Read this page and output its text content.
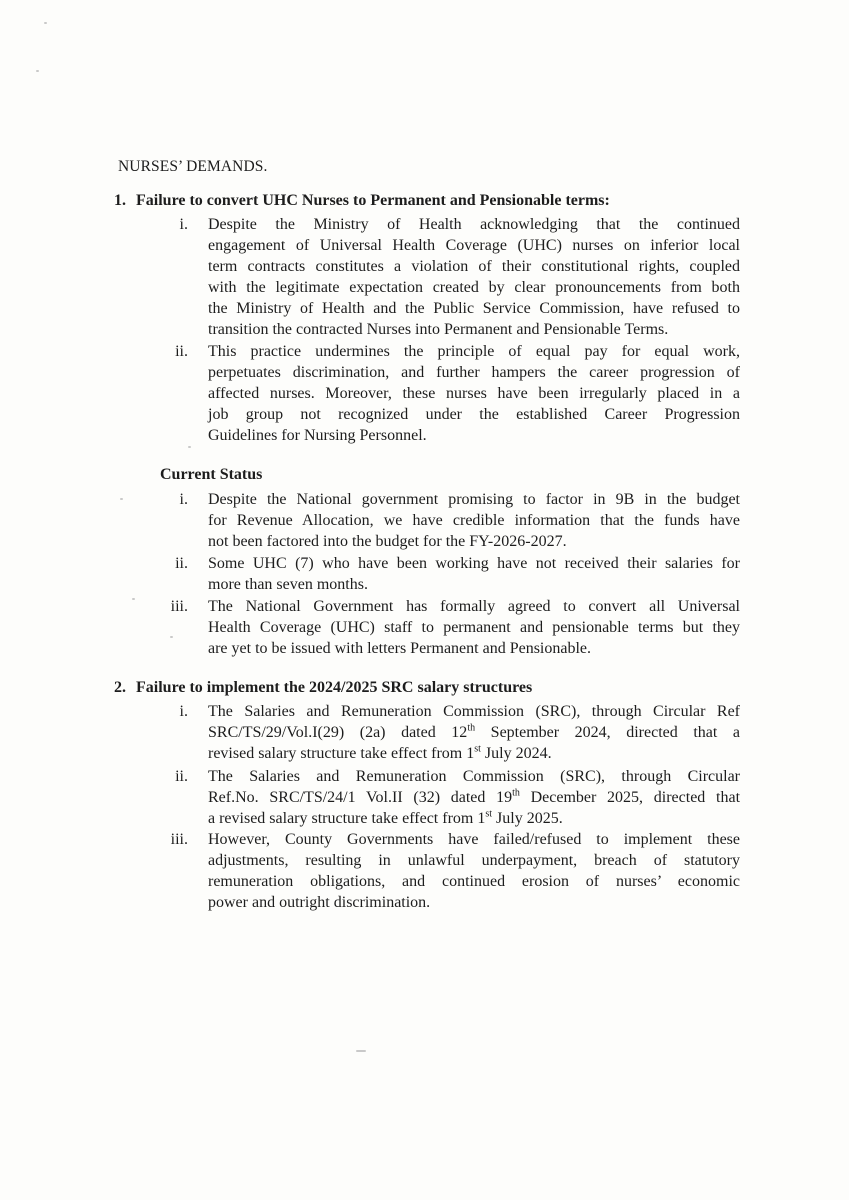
NURSES’ DEMANDS.
1. Failure to convert UHC Nurses to Permanent and Pensionable terms:
i. Despite the Ministry of Health acknowledging that the continued
engagement of Universal Health Coverage (UHC) nurses on inferior local
term contracts constitutes a violation of their constitutional rights, coupled
with the legitimate expectation created by clear pronouncements from both
the Ministry of Health and the Public Service Commission, have refused to
transition the contracted Nurses into Permanent and Pensionable Terms.
ii. This practice undermines the principle of equal pay for equal work,
perpetuates discrimination, and further hampers the career progression of
affected nurses. Moreover, these nurses have been irregularly placed in a
job group not recognized under the established Career Progression
Guidelines for Nursing Personnel.
Current Status
i. Despite the National government promising to factor in 9B in the budget
for Revenue Allocation, we have credible information that the funds have
not been factored into the budget for the FY-2026-2027.
ii. Some UHC (7) who have been working have not received their salaries for
more than seven months.
iii. The National Government has formally agreed to convert all Universal
Health Coverage (UHC) staff to permanent and pensionable terms but they
are yet to be issued with letters Permanent and Pensionable.
2. Failure to implement the 2024/2025 SRC salary structures
i. The Salaries and Remuneration Commission (SRC), through Circular Ref
SRC/TS/29/Vol.I(29) (2a) dated 12th September 2024, directed that a
revised salary structure take effect from 1st July 2024.
ii. The Salaries and Remuneration Commission (SRC), through Circular
Ref.No. SRC/TS/24/1 Vol.II (32) dated 19th December 2025, directed that
a revised salary structure take effect from 1st July 2025.
iii. However, County Governments have failed/refused to implement these
adjustments, resulting in unlawful underpayment, breach of statutory
remuneration obligations, and continued erosion of nurses’ economic
power and outright discrimination.
